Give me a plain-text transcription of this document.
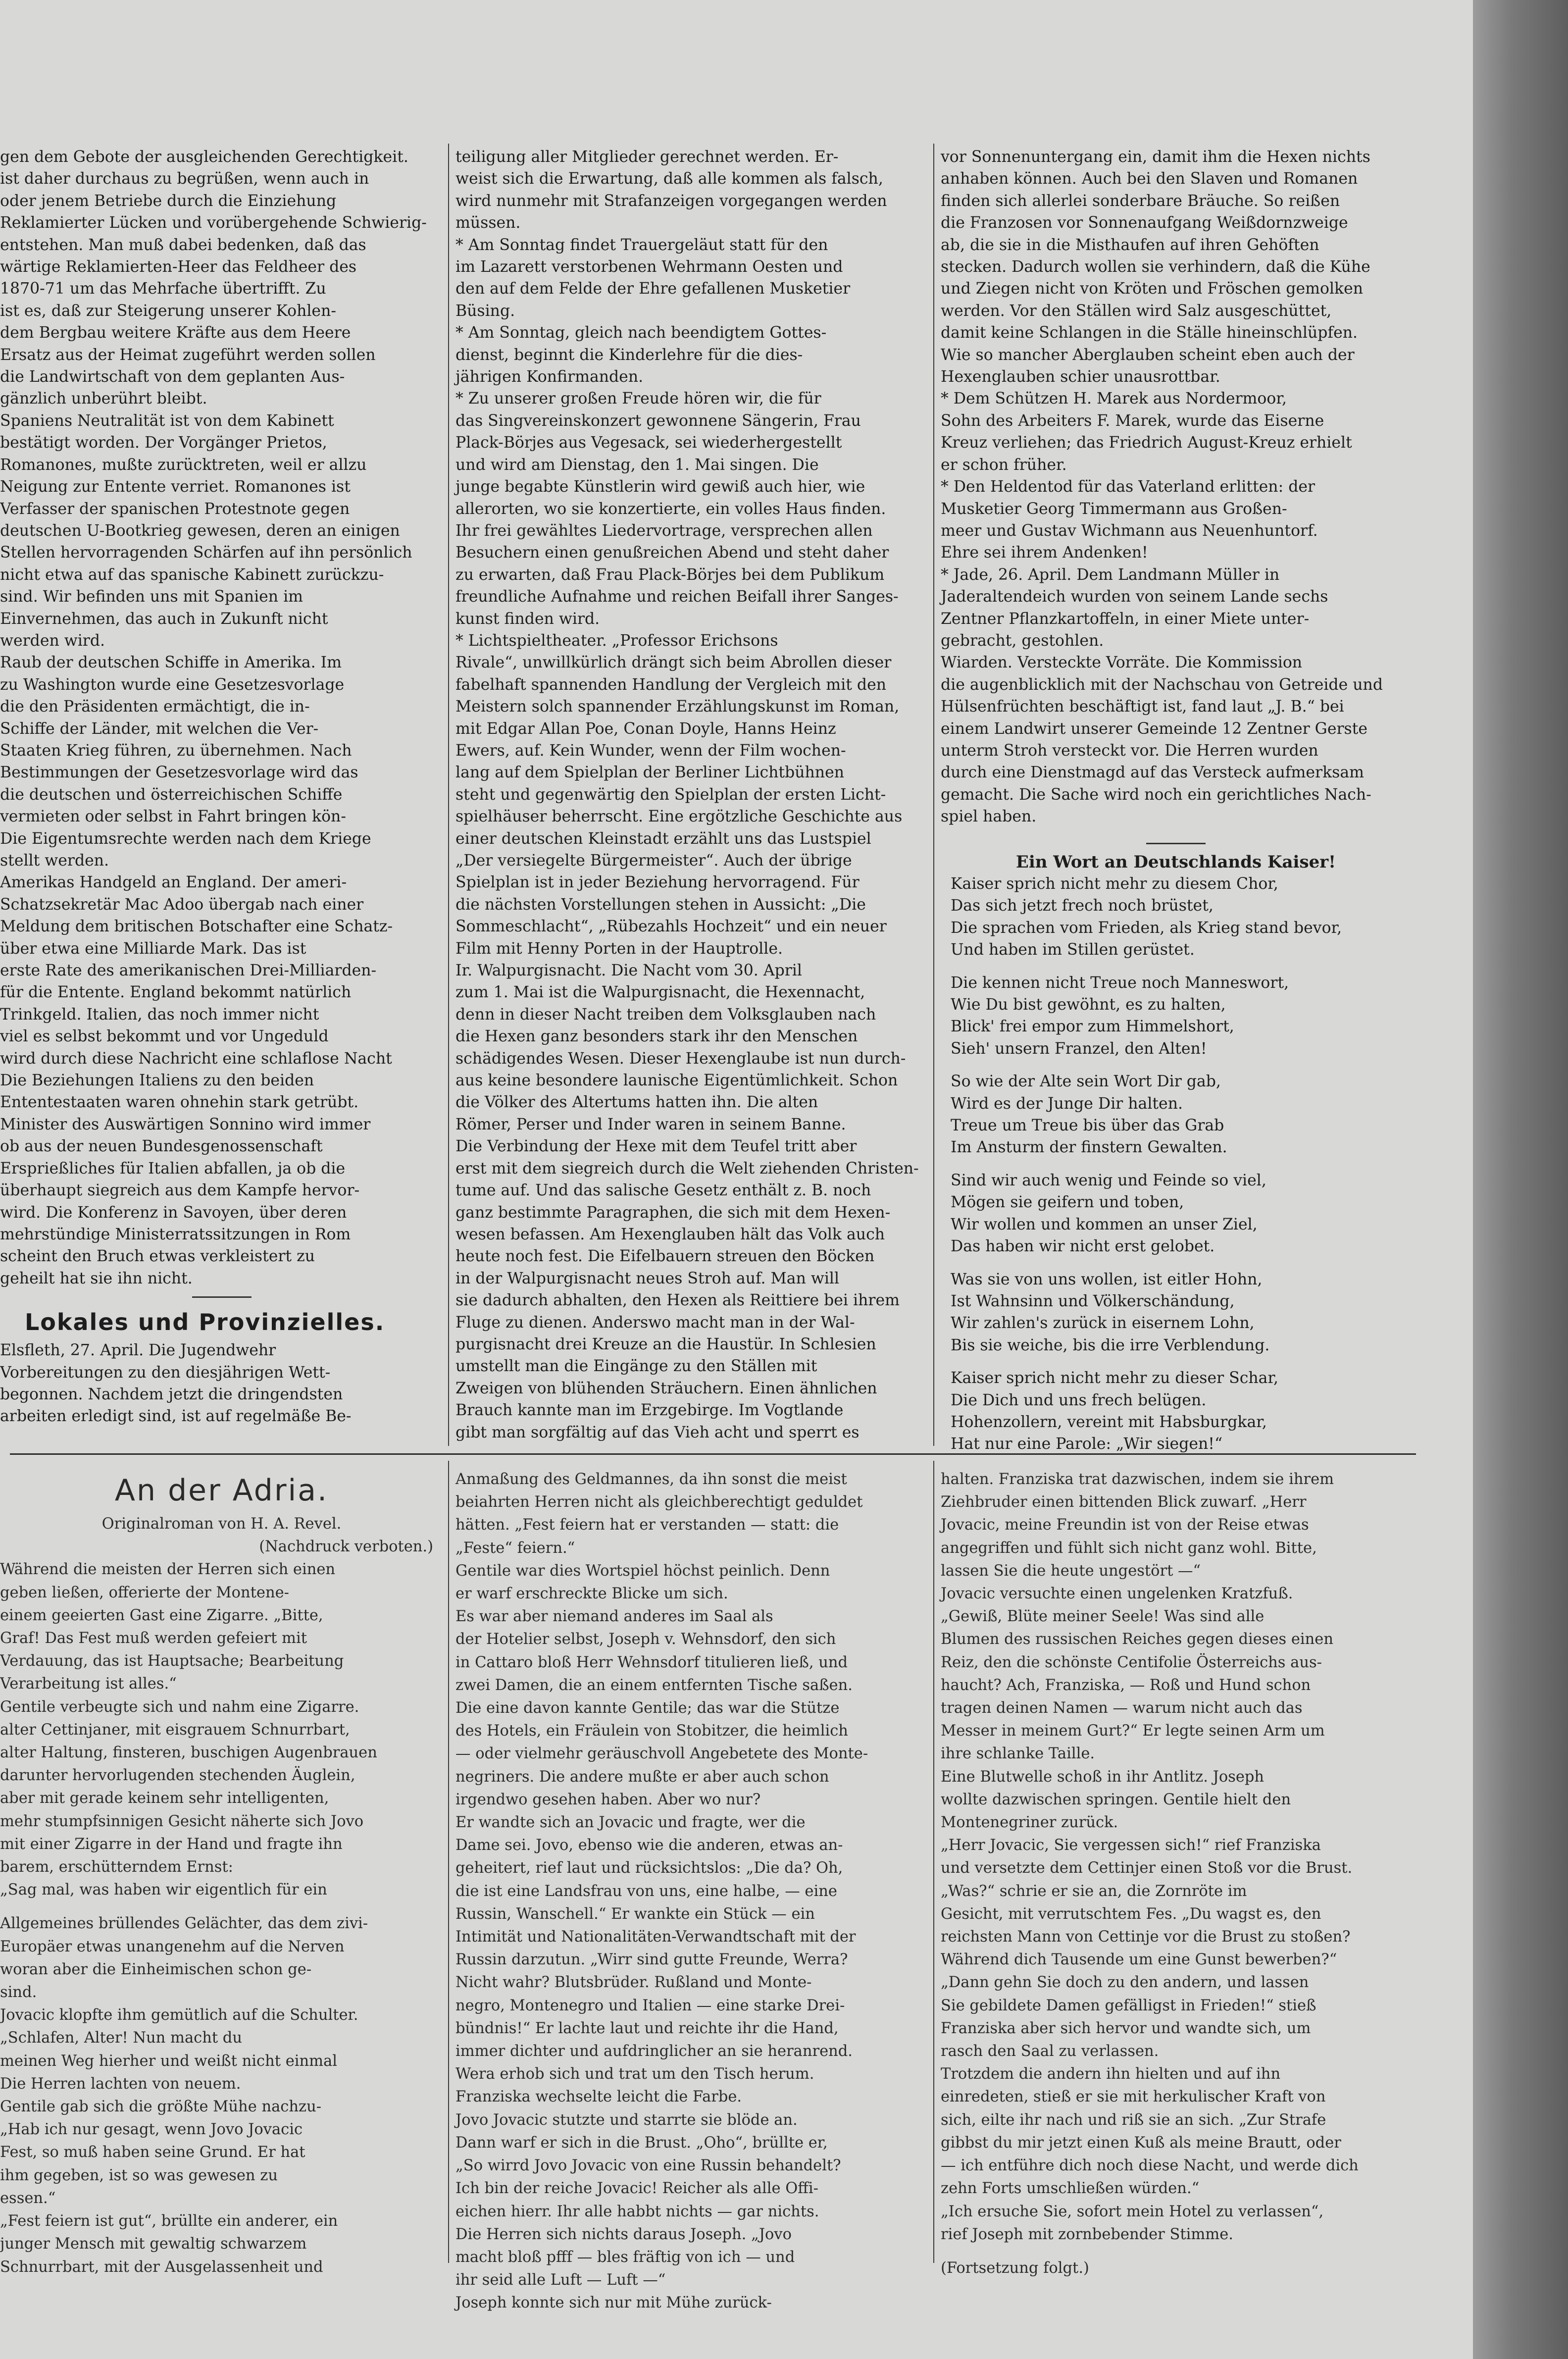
gen dem Gebote der ausgleichenden Gerechtigkeit.

ist daher durchaus zu begrüßen, wenn auch in

oder jenem Betriebe durch die Einziehung

Reklamierter Lücken und vorübergehende Schwierig-

entstehen. Man muß dabei bedenken, daß das

wärtige Reklamierten-Heer das Feldheer des

1870-71 um das Mehrfache übertrifft. Zu

ist es, daß zur Steigerung unserer Kohlen-

dem Bergbau weitere Kräfte aus dem Heere

Ersatz aus der Heimat zugeführt werden sollen

die Landwirtschaft von dem geplanten Aus-

gänzlich unberührt bleibt.

Spaniens Neutralität ist von dem Kabinett

bestätigt worden. Der Vorgänger Prietos,

Romanones, mußte zurücktreten, weil er allzu

Neigung zur Entente verriet. Romanones ist

Verfasser der spanischen Protestnote gegen

deutschen U-Bootkrieg gewesen, deren an einigen

Stellen hervorragenden Schärfen auf ihn persönlich

nicht etwa auf das spanische Kabinett zurückzu-

sind. Wir befinden uns mit Spanien im

Einvernehmen, das auch in Zukunft nicht

werden wird.

Raub der deutschen Schiffe in Amerika. Im

zu Washington wurde eine Gesetzesvorlage

die den Präsidenten ermächtigt, die in-

Schiffe der Länder, mit welchen die Ver-

Staaten Krieg führen, zu übernehmen. Nach

Bestimmungen der Gesetzesvorlage wird das

die deutschen und österreichischen Schiffe

vermieten oder selbst in Fahrt bringen kön-

Die Eigentumsrechte werden nach dem Kriege

stellt werden.

Amerikas Handgeld an England. Der ameri-

Schatzsekretär Mac Adoo übergab nach einer

Meldung dem britischen Botschafter eine Schatz-

über etwa eine Milliarde Mark. Das ist

erste Rate des amerikanischen Drei-Milliarden-

für die Entente. England bekommt natürlich

Trinkgeld. Italien, das noch immer nicht

viel es selbst bekommt und vor Ungeduld

wird durch diese Nachricht eine schlaflose Nacht

Die Beziehungen Italiens zu den beiden

Ententestaaten waren ohnehin stark getrübt.

Minister des Auswärtigen Sonnino wird immer

ob aus der neuen Bundesgenossenschaft

Ersprießliches für Italien abfallen, ja ob die

überhaupt siegreich aus dem Kampfe hervor-

wird. Die Konferenz in Savoyen, über deren

mehrstündige Ministerratssitzungen in Rom

scheint den Bruch etwas verkleistert zu

geheilt hat sie ihn nicht.

Lokales und Provinzielles.

Elsfleth, 27. April. Die Jugendwehr

Vorbereitungen zu den diesjährigen Wett-

begonnen. Nachdem jetzt die dringendsten

arbeiten erledigt sind, ist auf regelmäße Be-

teiligung aller Mitglieder gerechnet werden. Er-

weist sich die Erwartung, daß alle kommen als falsch,

wird nunmehr mit Strafanzeigen vorgegangen werden

müssen.

* Am Sonntag findet Trauergeläut statt für den

im Lazarett verstorbenen Wehrmann Oesten und

den auf dem Felde der Ehre gefallenen Musketier

Büsing.

* Am Sonntag, gleich nach beendigtem Gottes-

dienst, beginnt die Kinderlehre für die dies-

jährigen Konfirmanden.

* Zu unserer großen Freude hören wir, die für

das Singvereinskonzert gewonnene Sängerin, Frau

Plack-Börjes aus Vegesack, sei wiederhergestellt

und wird am Dienstag, den 1. Mai singen. Die

junge begabte Künstlerin wird gewiß auch hier, wie

allerorten, wo sie konzertierte, ein volles Haus finden.

Ihr frei gewähltes Liedervortrage, versprechen allen

Besuchern einen genußreichen Abend und steht daher

zu erwarten, daß Frau Plack-Börjes bei dem Publikum

freundliche Aufnahme und reichen Beifall ihrer Sanges-

kunst finden wird.

* Lichtspieltheater. „Professor Erichsons

Rivale“, unwillkürlich drängt sich beim Abrollen dieser

fabelhaft spannenden Handlung der Vergleich mit den

Meistern solch spannender Erzählungskunst im Roman,

mit Edgar Allan Poe, Conan Doyle, Hanns Heinz

Ewers, auf. Kein Wunder, wenn der Film wochen-

lang auf dem Spielplan der Berliner Lichtbühnen

steht und gegenwärtig den Spielplan der ersten Licht-

spielhäuser beherrscht. Eine ergötzliche Geschichte aus

einer deutschen Kleinstadt erzählt uns das Lustspiel

„Der versiegelte Bürgermeister“. Auch der übrige

Spielplan ist in jeder Beziehung hervorragend. Für

die nächsten Vorstellungen stehen in Aussicht: „Die

Sommeschlacht“, „Rübezahls Hochzeit“ und ein neuer

Film mit Henny Porten in der Hauptrolle.

Ir. Walpurgisnacht. Die Nacht vom 30. April

zum 1. Mai ist die Walpurgisnacht, die Hexennacht,

denn in dieser Nacht treiben dem Volksglauben nach

die Hexen ganz besonders stark ihr den Menschen

schädigendes Wesen. Dieser Hexenglaube ist nun durch-

aus keine besondere launische Eigentümlichkeit. Schon

die Völker des Altertums hatten ihn. Die alten

Römer, Perser und Inder waren in seinem Banne.

Die Verbindung der Hexe mit dem Teufel tritt aber

erst mit dem siegreich durch die Welt ziehenden Christen-

tume auf. Und das salische Gesetz enthält z. B. noch

ganz bestimmte Paragraphen, die sich mit dem Hexen-

wesen befassen. Am Hexenglauben hält das Volk auch

heute noch fest. Die Eifelbauern streuen den Böcken

in der Walpurgisnacht neues Stroh auf. Man will

sie dadurch abhalten, den Hexen als Reittiere bei ihrem

Fluge zu dienen. Anderswo macht man in der Wal-

purgisnacht drei Kreuze an die Haustür. In Schlesien

umstellt man die Eingänge zu den Ställen mit

Zweigen von blühenden Sträuchern. Einen ähnlichen

Brauch kannte man im Erzgebirge. Im Vogtlande

gibt man sorgfältig auf das Vieh acht und sperrt es

vor Sonnenuntergang ein, damit ihm die Hexen nichts

anhaben können. Auch bei den Slaven und Romanen

finden sich allerlei sonderbare Bräuche. So reißen

die Franzosen vor Sonnenaufgang Weißdornzweige

ab, die sie in die Misthaufen auf ihren Gehöften

stecken. Dadurch wollen sie verhindern, daß die Kühe

und Ziegen nicht von Kröten und Fröschen gemolken

werden. Vor den Ställen wird Salz ausgeschüttet,

damit keine Schlangen in die Ställe hineinschlüpfen.

Wie so mancher Aberglauben scheint eben auch der

Hexenglauben schier unausrottbar.

* Dem Schützen H. Marek aus Nordermoor,

Sohn des Arbeiters F. Marek, wurde das Eiserne

Kreuz verliehen; das Friedrich August-Kreuz erhielt

er schon früher.

* Den Heldentod für das Vaterland erlitten: der

Musketier Georg Timmermann aus Großen-

meer und Gustav Wichmann aus Neuenhuntorf.

Ehre sei ihrem Andenken!

* Jade, 26. April. Dem Landmann Müller in

Jaderaltendeich wurden von seinem Lande sechs

Zentner Pflanzkartoffeln, in einer Miete unter-

gebracht, gestohlen.

Wiarden. Versteckte Vorräte. Die Kommission

die augenblicklich mit der Nachschau von Getreide und

Hülsenfrüchten beschäftigt ist, fand laut „J. B.“ bei

einem Landwirt unserer Gemeinde 12 Zentner Gerste

unterm Stroh versteckt vor. Die Herren wurden

durch eine Dienstmagd auf das Versteck aufmerksam

gemacht. Die Sache wird noch ein gerichtliches Nach-

spiel haben.

Ein Wort an Deutschlands Kaiser!

Kaiser sprich nicht mehr zu diesem Chor,

Das sich jetzt frech noch brüstet,

Die sprachen vom Frieden, als Krieg stand bevor,

Und haben im Stillen gerüstet.

Die kennen nicht Treue noch Manneswort,

Wie Du bist gewöhnt, es zu halten,

Blick' frei empor zum Himmelshort,

Sieh' unsern Franzel, den Alten!

So wie der Alte sein Wort Dir gab,

Wird es der Junge Dir halten.

Treue um Treue bis über das Grab

Im Ansturm der finstern Gewalten.

Sind wir auch wenig und Feinde so viel,

Mögen sie geifern und toben,

Wir wollen und kommen an unser Ziel,

Das haben wir nicht erst gelobet.

Was sie von uns wollen, ist eitler Hohn,

Ist Wahnsinn und Völkerschändung,

Wir zahlen's zurück in eisernem Lohn,

Bis sie weiche, bis die irre Verblendung.

Kaiser sprich nicht mehr zu dieser Schar,

Die Dich und uns frech belügen.

Hohenzollern, vereint mit Habsburgkar,

Hat nur eine Parole: „Wir siegen!“

An der Adria.

Originalroman von H. A. Revel.

(Nachdruck verboten.)

Während die meisten der Herren sich einen

geben ließen, offerierte der Montene-

einem geeierten Gast eine Zigarre. „Bitte,

Graf! Das Fest muß werden gefeiert mit

Verdauung, das ist Hauptsache; Bearbeitung

Verarbeitung ist alles.“

Gentile verbeugte sich und nahm eine Zigarre.

alter Cettinjaner, mit eisgrauem Schnurrbart,

alter Haltung, finsteren, buschigen Augenbrauen

darunter hervorlugenden stechenden Äuglein,

aber mit gerade keinem sehr intelligenten,

mehr stumpfsinnigen Gesicht näherte sich Jovo

mit einer Zigarre in der Hand und fragte ihn

barem, erschütterndem Ernst:

„Sag mal, was haben wir eigentlich für ein

Allgemeines brüllendes Gelächter, das dem zivi-

Europäer etwas unangenehm auf die Nerven

woran aber die Einheimischen schon ge-

sind.

Jovacic klopfte ihm gemütlich auf die Schulter.

„Schlafen, Alter! Nun macht du

meinen Weg hierher und weißt nicht einmal

Die Herren lachten von neuem.

Gentile gab sich die größte Mühe nachzu-

„Hab ich nur gesagt, wenn Jovo Jovacic

Fest, so muß haben seine Grund. Er hat

ihm gegeben, ist so was gewesen zu

essen.“

„Fest feiern ist gut“, brüllte ein anderer, ein

junger Mensch mit gewaltig schwarzem

Schnurrbart, mit der Ausgelassenheit und

Anmaßung des Geldmannes, da ihn sonst die meist

beiahrten Herren nicht als gleichberechtigt geduldet

hätten. „Fest feiern hat er verstanden — statt: die

„Feste“ feiern.“

Gentile war dies Wortspiel höchst peinlich. Denn

er warf erschreckte Blicke um sich.

Es war aber niemand anderes im Saal als

der Hotelier selbst, Joseph v. Wehnsdorf, den sich

in Cattaro bloß Herr Wehnsdorf titulieren ließ, und

zwei Damen, die an einem entfernten Tische saßen.

Die eine davon kannte Gentile; das war die Stütze

des Hotels, ein Fräulein von Stobitzer, die heimlich

— oder vielmehr geräuschvoll Angebetete des Monte-

negriners. Die andere mußte er aber auch schon

irgendwo gesehen haben. Aber wo nur?

Er wandte sich an Jovacic und fragte, wer die

Dame sei. Jovo, ebenso wie die anderen, etwas an-

geheitert, rief laut und rücksichtslos: „Die da? Oh,

die ist eine Landsfrau von uns, eine halbe, — eine

Russin, Wanschell.“ Er wankte ein Stück — ein

Intimität und Nationalitäten-Verwandtschaft mit der

Russin darzutun. „Wirr sind gutte Freunde, Werra?

Nicht wahr? Blutsbrüder. Rußland und Monte-

negro, Montenegro und Italien — eine starke Drei-

bündnis!“ Er lachte laut und reichte ihr die Hand,

immer dichter und aufdringlicher an sie heranrend.

Wera erhob sich und trat um den Tisch herum.

Franziska wechselte leicht die Farbe.

Jovo Jovacic stutzte und starrte sie blöde an.

Dann warf er sich in die Brust. „Oho“, brüllte er,

„So wirrd Jovo Jovacic von eine Russin behandelt?

Ich bin der reiche Jovacic! Reicher als alle Offi-

eichen hierr. Ihr alle habbt nichts — gar nichts.

Die Herren sich nichts daraus Joseph. „Jovo

macht bloß pfff — bles fräftig von ich — und

ihr seid alle Luft — Luft —“

Joseph konnte sich nur mit Mühe zurück-

halten. Franziska trat dazwischen, indem sie ihrem

Ziehbruder einen bittenden Blick zuwarf. „Herr

Jovacic, meine Freundin ist von der Reise etwas

angegriffen und fühlt sich nicht ganz wohl. Bitte,

lassen Sie die heute ungestört —“

Jovacic versuchte einen ungelenken Kratzfuß.

„Gewiß, Blüte meiner Seele! Was sind alle

Blumen des russischen Reiches gegen dieses einen

Reiz, den die schönste Centifolie Österreichs aus-

haucht? Ach, Franziska, — Roß und Hund schon

tragen deinen Namen — warum nicht auch das

Messer in meinem Gurt?“ Er legte seinen Arm um

ihre schlanke Taille.

Eine Blutwelle schoß in ihr Antlitz. Joseph

wollte dazwischen springen. Gentile hielt den

Montenegriner zurück.

„Herr Jovacic, Sie vergessen sich!“ rief Franziska

und versetzte dem Cettinjer einen Stoß vor die Brust.

„Was?“ schrie er sie an, die Zornröte im

Gesicht, mit verrutschtem Fes. „Du wagst es, den

reichsten Mann von Cettinje vor die Brust zu stoßen?

Während dich Tausende um eine Gunst bewerben?“

„Dann gehn Sie doch zu den andern, und lassen

Sie gebildete Damen gefälligst in Frieden!“ stieß

Franziska aber sich hervor und wandte sich, um

rasch den Saal zu verlassen.

Trotzdem die andern ihn hielten und auf ihn

einredeten, stieß er sie mit herkulischer Kraft von

sich, eilte ihr nach und riß sie an sich. „Zur Strafe

gibbst du mir jetzt einen Kuß als meine Brautt, oder

— ich entführe dich noch diese Nacht, und werde dich

zehn Forts umschließen würden.“

„Ich ersuche Sie, sofort mein Hotel zu verlassen“,

rief Joseph mit zornbebender Stimme.

(Fortsetzung folgt.)
